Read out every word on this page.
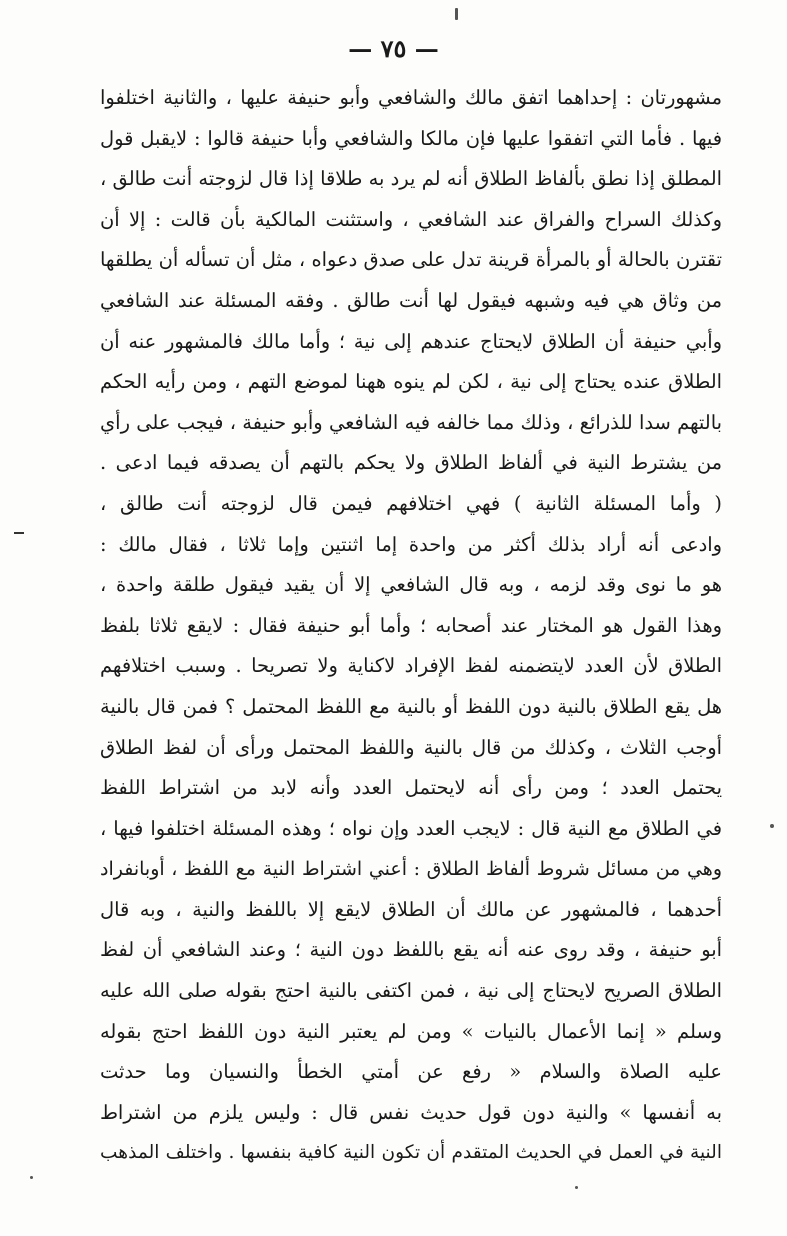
— ٧٥ —
مشهورتان : إحداهما اتفق مالك والشافعي وأبو حنيفة عليها ، والثانية اختلفوا
فيها . فأما التي اتفقوا عليها فإن مالكا والشافعي وأبا حنيفة قالوا : لايقبل قول
المطلق إذا نطق بألفاظ الطلاق أنه لم يرد به طلاقا إذا قال لزوجته أنت طالق ،
وكذلك السراح والفراق عند الشافعي ، واستثنت المالكية بأن قالت : إلا أن
تقترن بالحالة أو بالمرأة قرينة تدل على صدق دعواه ، مثل أن تسأله أن يطلقها
من وثاق هي فيه وشبهه فيقول لها أنت طالق . وفقه المسئلة عند الشافعي
وأبي حنيفة أن الطلاق لايحتاج عندهم إلى نية ؛ وأما مالك فالمشهور عنه أن
الطلاق عنده يحتاج إلى نية ، لكن لم ينوه ههنا لموضع التهم ، ومن رأيه الحكم
بالتهم سدا للذرائع ، وذلك مما خالفه فيه الشافعي وأبو حنيفة ، فيجب على رأي
من يشترط النية في ألفاظ الطلاق ولا يحكم بالتهم أن يصدقه فيما ادعى .
( وأما المسئلة الثانية ) فهي اختلافهم فيمن قال لزوجته أنت طالق ،
وادعى أنه أراد بذلك أكثر من واحدة إما اثنتين وإما ثلاثا ، فقال مالك :
هو ما نوى وقد لزمه ، وبه قال الشافعي إلا أن يقيد فيقول طلقة واحدة ،
وهذا القول هو المختار عند أصحابه ؛ وأما أبو حنيفة فقال : لايقع ثلاثا بلفظ
الطلاق لأن العدد لايتضمنه لفظ الإفراد لاكناية ولا تصريحا . وسبب اختلافهم
هل يقع الطلاق بالنية دون اللفظ أو بالنية مع اللفظ المحتمل ؟ فمن قال بالنية
أوجب الثلاث ، وكذلك من قال بالنية واللفظ المحتمل ورأى أن لفظ الطلاق
يحتمل العدد ؛ ومن رأى أنه لايحتمل العدد وأنه لابد من اشتراط اللفظ
في الطلاق مع النية قال : لايجب العدد وإن نواه ؛ وهذه المسئلة اختلفوا فيها ،
وهي من مسائل شروط ألفاظ الطلاق : أعني اشتراط النية مع اللفظ ، أوبانفراد
أحدهما ، فالمشهور عن مالك أن الطلاق لايقع إلا باللفظ والنية ، وبه قال
أبو حنيفة ، وقد روى عنه أنه يقع باللفظ دون النية ؛ وعند الشافعي أن لفظ
الطلاق الصريح لايحتاج إلى نية ، فمن اكتفى بالنية احتج بقوله صلى الله عليه
وسلم « إنما الأعمال بالنيات » ومن لم يعتبر النية دون اللفظ احتج بقوله
عليه الصلاة والسلام « رفع عن أمتي الخطأ والنسيان وما حدثت
به أنفسها » والنية دون قول حديث نفس قال : وليس يلزم من اشتراط
النية في العمل في الحديث المتقدم أن تكون النية كافية بنفسها . واختلف المذهب
